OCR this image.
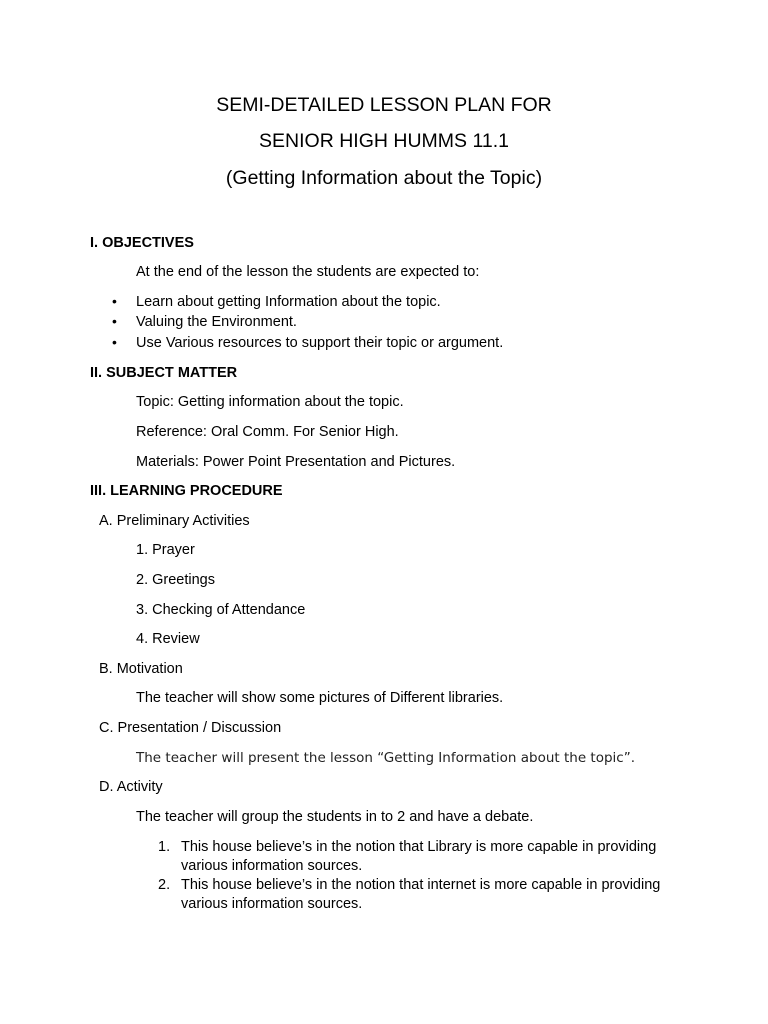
SEMI-DETAILED LESSON PLAN FOR
SENIOR HIGH HUMMS 11.1
(Getting Information about the Topic)
I. OBJECTIVES
At the end of the lesson the students are expected to:
• Learn about getting Information about the topic.
• Valuing the Environment.
• Use Various resources to support their topic or argument.
II. SUBJECT MATTER
Topic: Getting information about the topic.
Reference: Oral Comm. For Senior High.
Materials: Power Point Presentation and Pictures.
III. LEARNING PROCEDURE
A. Preliminary Activities
1. Prayer
2. Greetings
3. Checking of Attendance
4. Review
B. Motivation
The teacher will show some pictures of Different libraries.
C. Presentation / Discussion
The teacher will present the lesson “Getting Information about the topic”.
D. Activity
The teacher will group the students in to 2 and have a debate.
1. This house believe’s in the notion that Library is more capable in providing various information sources.
2. This house believe’s in the notion that internet is more capable in providing various information sources.
